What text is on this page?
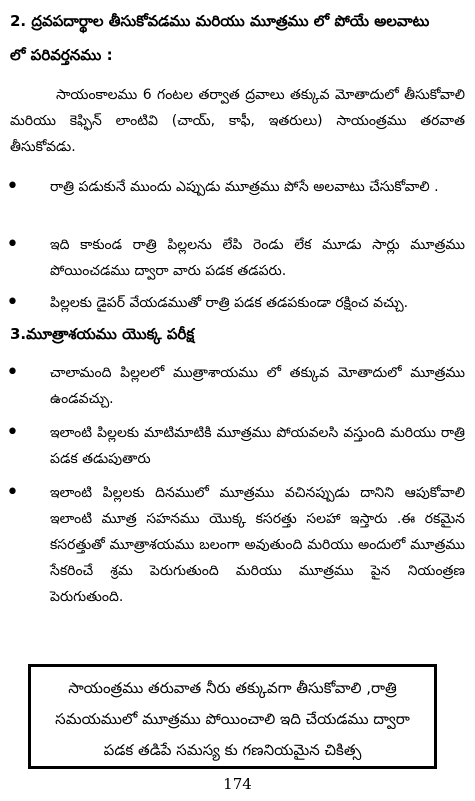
2. ద్రవపదార్థాల తీసుకోవడము మరియు మూత్రము లో పోయే అలవాటు
లో పరివర్తనము :
సాయంకాలము 6 గంటల తర్వాత ద్రవాలు తక్కువ మోతాదులో తీసుకోవాలి మరియు కెఫ్ఫిన్ లాంటివి (చాయ్, కాఫీ, ఇతరులు) సాయంత్రము తరవాత తీసుకోవడు.
•	రాత్రి పడుకునే ముందు ఎప్పుడు మూత్రము పోసే అలవాటు చేసుకోవాలి .
•	ఇది కాకుండ రాత్రి పిల్లలను లేపి రెండు లేక మూడు సార్లు మూత్రము పోయించడము ద్వారా వారు పడక తడపరు.
•	పిల్లలకు డైపర్ వేయడముతో రాత్రి పడక తడపకుండా రక్షించ వచ్చు.
3.మూత్రాశయము యొక్క పరీక్ష
•	చాలామంది పిల్లలలో ముత్రాశాయము లో తక్కువ మోతాదులో మూత్రము ఉండవచ్చు.
•	ఇలాంటి పిల్లలకు మాటిమాటికి మూత్రము పోయవలసి వస్తుంది మరియు రాత్రి పడక తడుపుతారు
•	ఇలాంటి పిల్లలకు దినములో మూత్రము వచినప్పుడు దానిని ఆపుకోవాలి ఇలాంటి మూత్ర సహనము యొక్క కసరత్తు సలహా ఇస్తారు .ఈ రకమైన కసరత్తుతో మూత్రాశయము బలంగా అవుతుంది మరియు అందులో మూత్రము సేకరించే శ్రమ పెరుగుతుంది మరియు మూత్రము పైన నియంత్రణ పెరుగుతుంది.
సాయంత్రము తరువాత నీరు తక్కువగా తీసుకోవాలి ,రాత్రి
సమయములో మూత్రము పోయించాలి ఇది చేయడము ద్వారా
పడక తడిపే సమస్య కు గణనియమైన చికిత్స
174
